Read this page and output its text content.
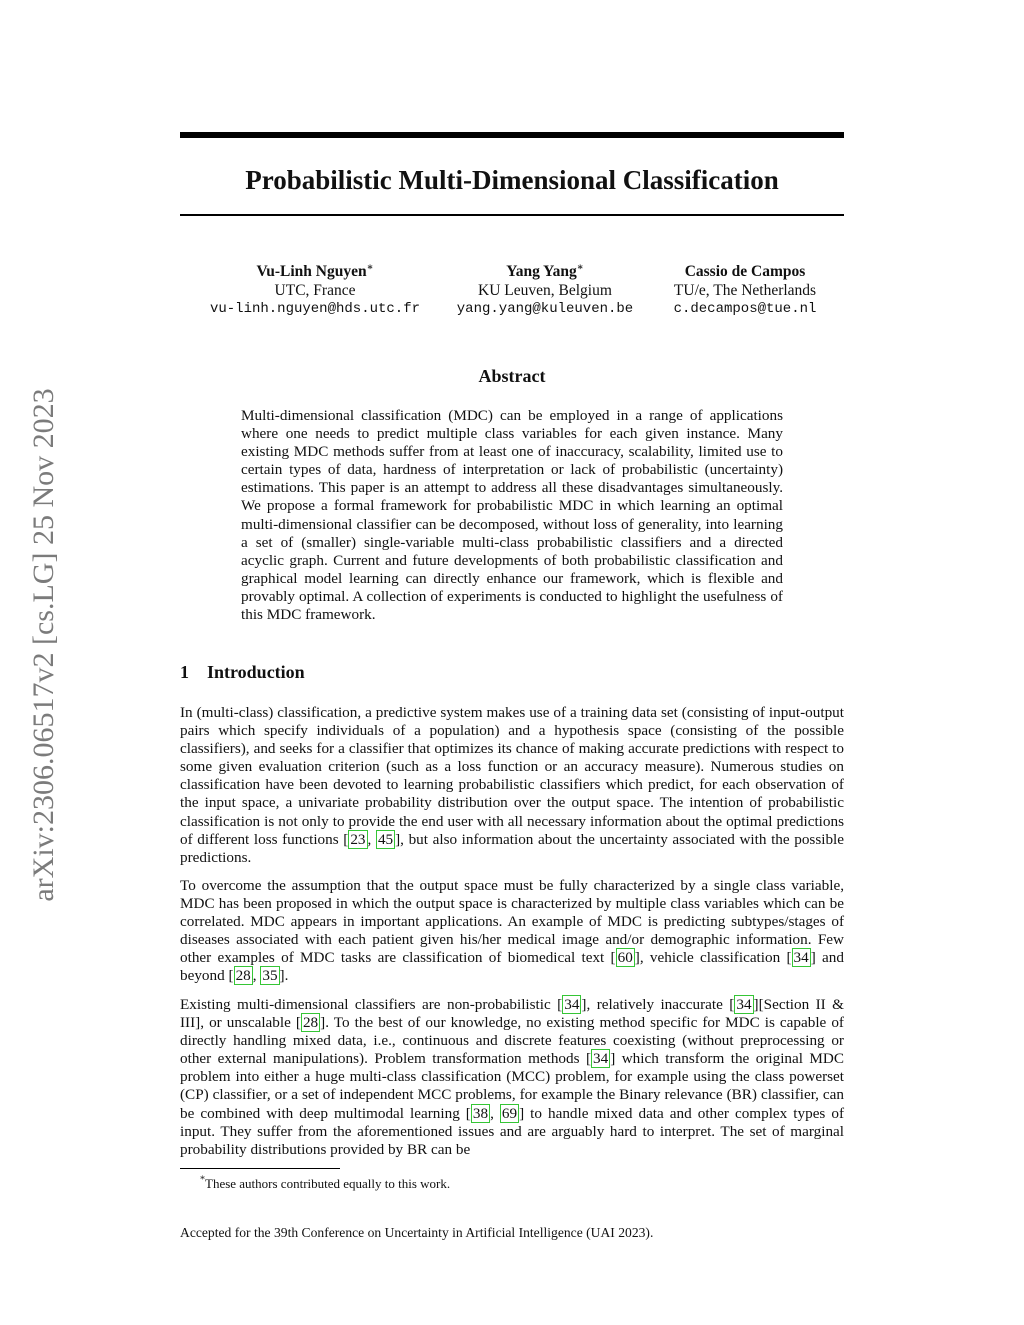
arXiv:2306.06517v2 [cs.LG] 25 Nov 2023
Probabilistic Multi-Dimensional Classification
Vu-Linh Nguyen∗
UTC, France
vu-linh.nguyen@hds.utc.fr
Yang Yang∗
KU Leuven, Belgium
yang.yang@kuleuven.be
Cassio de Campos
TU/e, The Netherlands
c.decampos@tue.nl
Abstract

Multi-dimensional classification (MDC) can be employed in a range of applications where one needs to predict multiple class variables for each given instance. Many existing MDC methods suffer from at least one of inaccuracy, scalability, limited use to certain types of data, hardness of interpretation or lack of probabilistic (uncertainty) estimations. This paper is an attempt to address all these disadvantages simultaneously. We propose a formal framework for probabilistic MDC in which learning an optimal multi-dimensional classifier can be decomposed, without loss of generality, into learning a set of (smaller) single-variable multi-class probabilistic classifiers and a directed acyclic graph. Current and future developments of both probabilistic classification and graphical model learning can directly enhance our framework, which is flexible and provably optimal. A collection of experiments is conducted to highlight the usefulness of this MDC framework.

1 Introduction

In (multi-class) classification, a predictive system makes use of a training data set (consisting of input-output pairs which specify individuals of a population) and a hypothesis space (consisting of the possible classifiers), and seeks for a classifier that optimizes its chance of making accurate predictions with respect to some given evaluation criterion (such as a loss function or an accuracy measure). Numerous studies on classification have been devoted to learning probabilistic classifiers which predict, for each observation of the input space, a univariate probability distribution over the output space. The intention of probabilistic classification is not only to provide the end user with all necessary information about the optimal predictions of different loss functions [ 23 , 45 ], but also information about the uncertainty associated with the possible predictions.

To overcome the assumption that the output space must be fully characterized by a single class variable, MDC has been proposed in which the output space is characterized by multiple class variables which can be correlated. MDC appears in important applications. An example of MDC is predicting subtypes/stages of diseases associated with each patient given his/her medical image and/or demographic information. Few other examples of MDC tasks are classification of biomedical text [ 60 ], vehicle classification [ 34 ] and beyond [ 28 , 35 ].

Existing multi-dimensional classifiers are non-probabilistic [ 34 ], relatively inaccurate [ 34 ][Section II & III], or unscalable [ 28 ]. To the best of our knowledge, no existing method specific for MDC is capable of directly handling mixed data, i.e., continuous and discrete features coexisting (without preprocessing or other external manipulations). Problem transformation methods [ 34 ] which transform the original MDC problem into either a huge multi-class classification (MCC) problem, for example using the class powerset (CP) classifier, or a set of independent MCC problems, for example the Binary relevance (BR) classifier, can be combined with deep multimodal learning [ 38 , 69 ] to handle mixed data and other complex types of input. They suffer from the aforementioned issues and are arguably hard to interpret. The set of marginal probability distributions provided by BR can be

*These authors contributed equally to this work.

Accepted for the 39th Conference on Uncertainty in Artificial Intelligence (UAI 2023).
